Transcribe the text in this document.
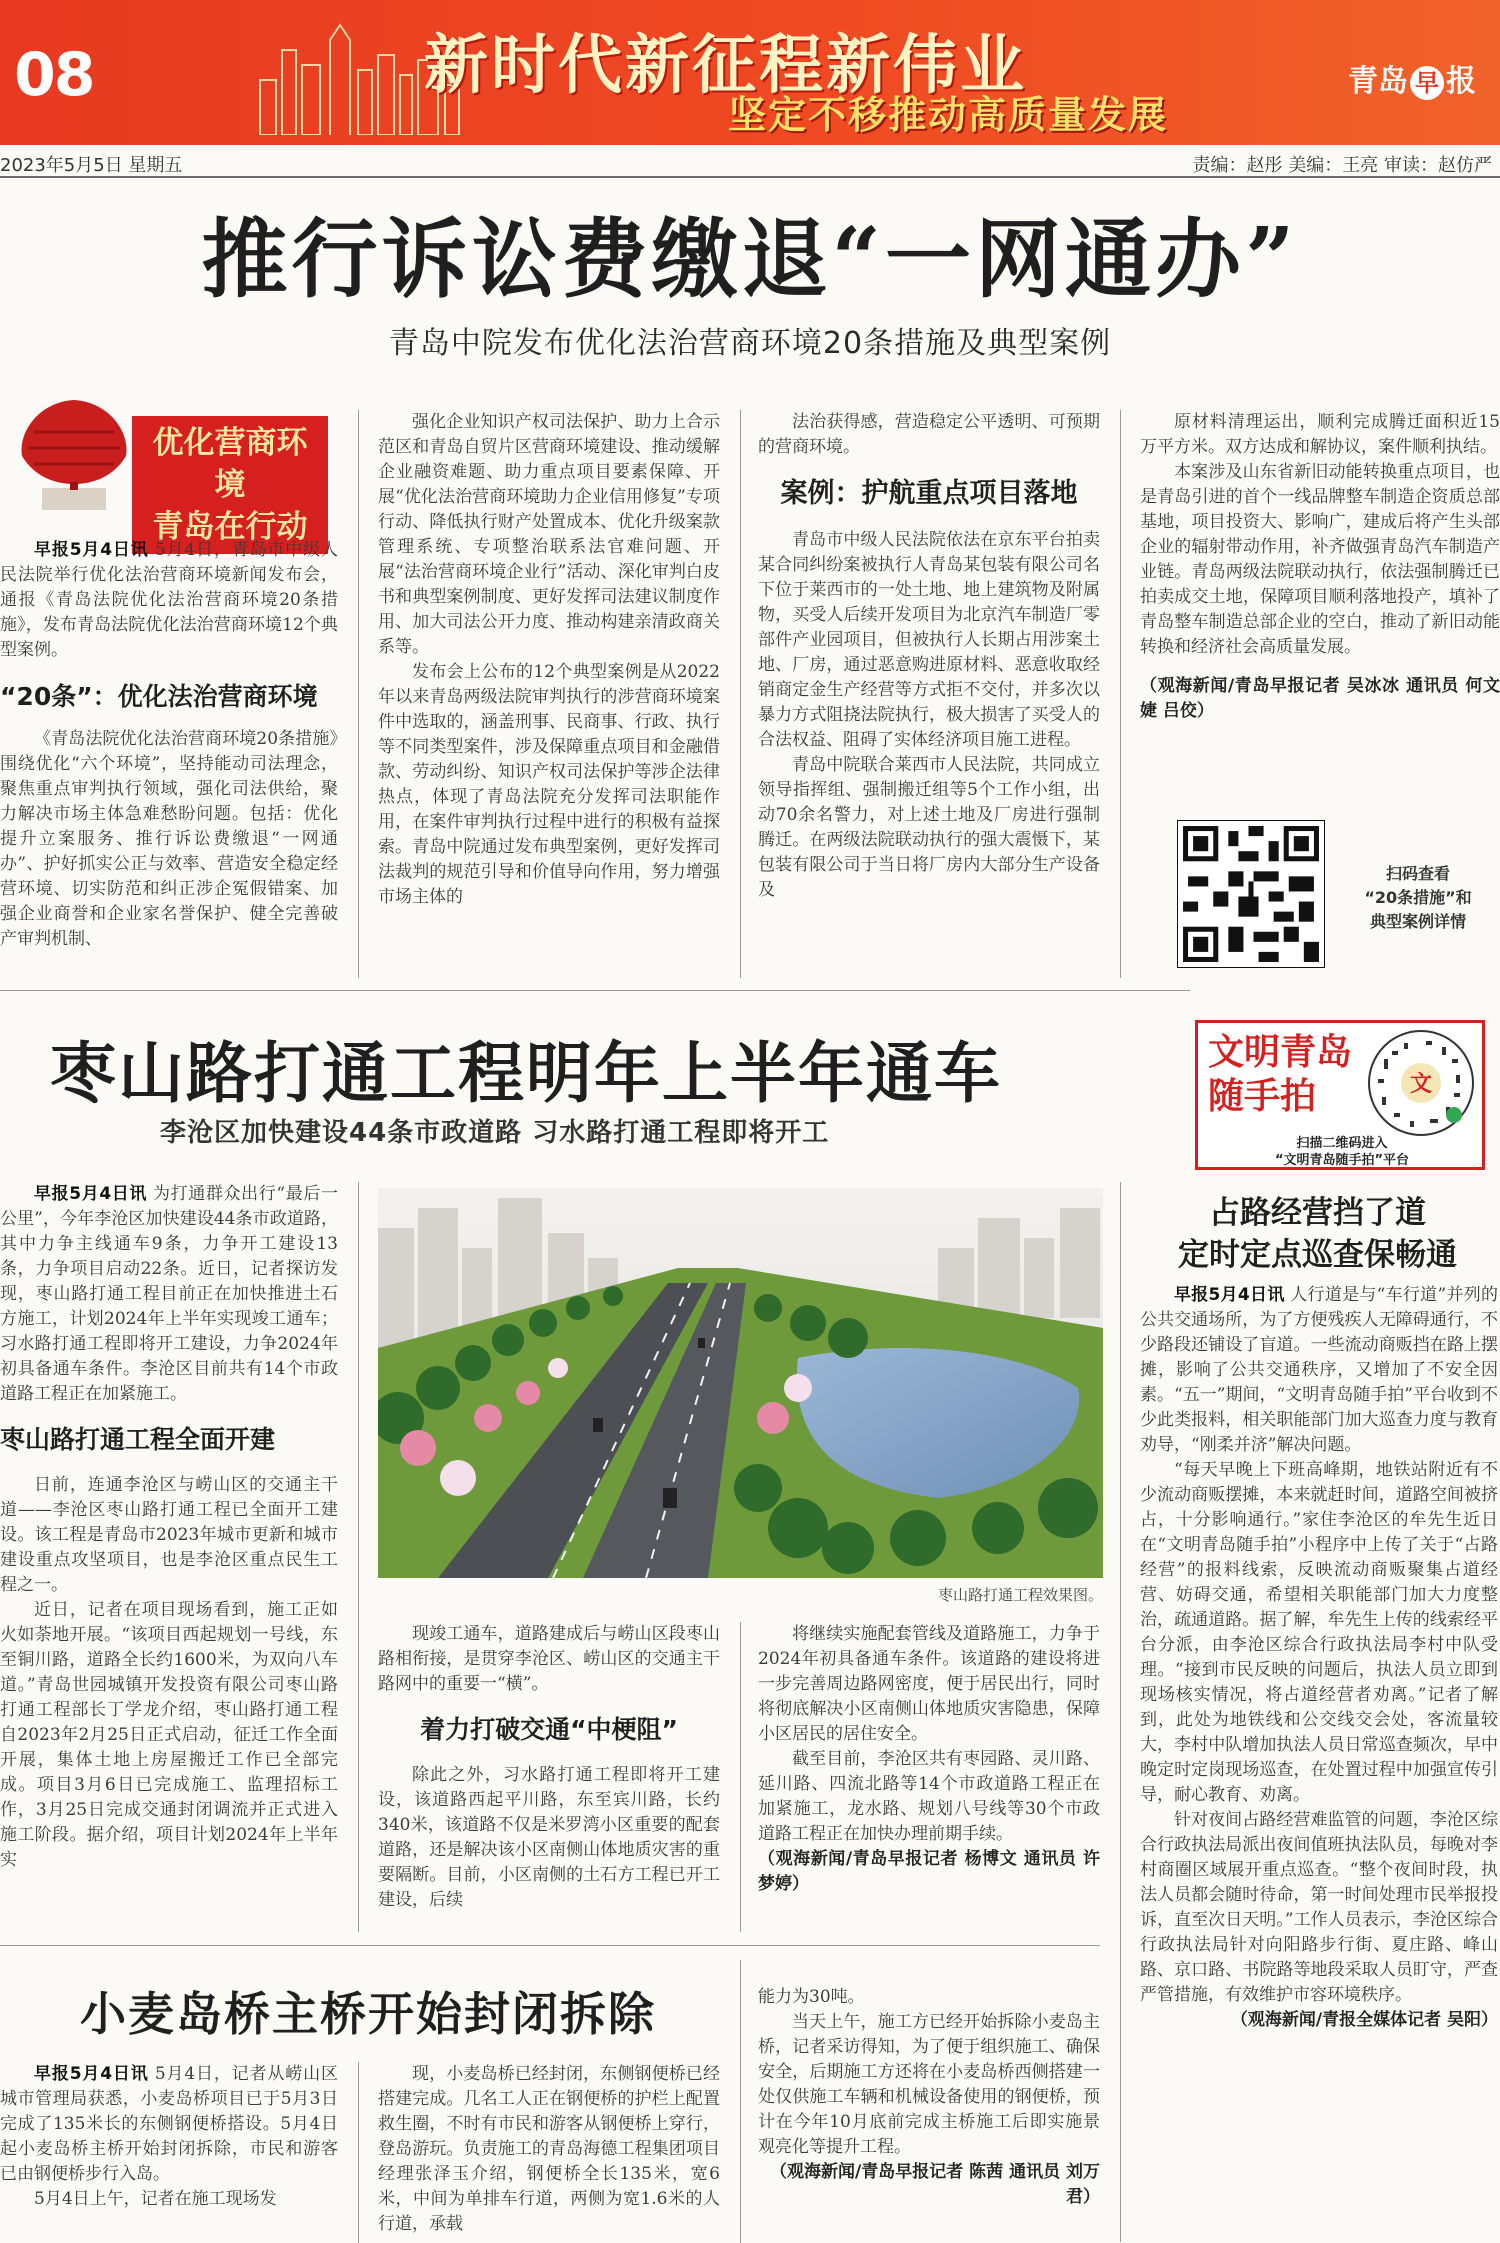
08	新时代新征程新伟业
坚定不移推动高质量发展
青岛 早 报
2023年5月5日 星期五	责编：赵彤 美编：王亮 审读：赵仿严
推行诉讼费缴退“一网通办”
青岛中院发布优化法治营商环境20条措施及典型案例
优化营商环境
青岛在行动

早报5月4日讯 5月4日，青岛市中级人民法院举行优化法治营商环境新闻发布会，通报《青岛法院优化法治营商环境20条措施》，发布青岛法院优化法治营商环境12个典型案例。

“20条”：优化法治营商环境

《青岛法院优化法治营商环境20条措施》围绕优化“六个环境”，坚持能动司法理念，聚焦重点审判执行领域，强化司法供给，聚力解决市场主体急难愁盼问题。包括：优化提升立案服务、推行诉讼费缴退“一网通办”、护好抓实公正与效率、营造安全稳定经营环境、切实防范和纠正涉企冤假错案、加强企业商誉和企业家名誉保护、健全完善破产审判机制、

强化企业知识产权司法保护、助力上合示范区和青岛自贸片区营商环境建设、推动缓解企业融资难题、助力重点项目要素保障、开展“优化法治营商环境助力企业信用修复”专项行动、降低执行财产处置成本、优化升级案款管理系统、专项整治联系法官难问题、开展“法治营商环境企业行”活动、深化审判白皮书和典型案例制度、更好发挥司法建议制度作用、加大司法公开力度、推动构建亲清政商关系等。

发布会上公布的12个典型案例是从2022年以来青岛两级法院审判执行的涉营商环境案件中选取的，涵盖刑事、民商事、行政、执行等不同类型案件，涉及保障重点项目和金融借款、劳动纠纷、知识产权司法保护等涉企法律热点，体现了青岛法院充分发挥司法职能作用，在案件审判执行过程中进行的积极有益探索。青岛中院通过发布典型案例，更好发挥司法裁判的规范引导和价值导向作用，努力增强市场主体的

法治获得感，营造稳定公平透明、可预期的营商环境。

案例：护航重点项目落地

青岛市中级人民法院依法在京东平台拍卖某合同纠纷案被执行人青岛某包装有限公司名下位于莱西市的一处土地、地上建筑物及附属物，买受人后续开发项目为北京汽车制造厂零部件产业园项目，但被执行人长期占用涉案土地、厂房，通过恶意购进原材料、恶意收取经销商定金生产经营等方式拒不交付，并多次以暴力方式阻挠法院执行，极大损害了买受人的合法权益、阻碍了实体经济项目施工进程。

青岛中院联合莱西市人民法院，共同成立领导指挥组、强制搬迁组等5个工作小组，出动70余名警力，对上述土地及厂房进行强制腾迁。在两级法院联动执行的强大震慑下，某包装有限公司于当日将厂房内大部分生产设备及

原材料清理运出，顺利完成腾迁面积近15万平方米。双方达成和解协议，案件顺利执结。

本案涉及山东省新旧动能转换重点项目，也是青岛引进的首个一线品牌整车制造企资质总部基地，项目投资大、影响广，建成后将产生头部企业的辐射带动作用，补齐做强青岛汽车制造产业链。青岛两级法院联动执行，依法强制腾迁已拍卖成交土地，保障项目顺利落地投产，填补了青岛整车制造总部企业的空白，推动了新旧动能转换和经济社会高质量发展。

（观海新闻/青岛早报记者 吴冰冰 通讯员 何文婕 吕佼）

扫码查看
“20条措施”和
典型案例详情
枣山路打通工程明年上半年通车
李沧区加快建设44条市政道路 习水路打通工程即将开工

早报5月4日讯 为打通群众出行“最后一公里”，今年李沧区加快建设44条市政道路，其中力争主线通车9条，力争开工建设13条，力争项目启动22条。近日，记者探访发现，枣山路打通工程目前正在加快推进土石方施工，计划2024年上半年实现竣工通车；习水路打通工程即将开工建设，力争2024年初具备通车条件。李沧区目前共有14个市政道路工程正在加紧施工。

枣山路打通工程全面开建

日前，连通李沧区与崂山区的交通主干道——李沧区枣山路打通工程已全面开工建设。该工程是青岛市2023年城市更新和城市建设重点攻坚项目，也是李沧区重点民生工程之一。

近日，记者在项目现场看到，施工正如火如荼地开展。“该项目西起规划一号线，东至铜川路，道路全长约1600米，为双向八车道。”青岛世园城镇开发投资有限公司枣山路打通工程部长丁学龙介绍，枣山路打通工程自2023年2月25日正式启动，征迁工作全面开展，集体土地上房屋搬迁工作已全部完成。项目3月6日已完成施工、监理招标工作，3月25日完成交通封闭调流并正式进入施工阶段。据介绍，项目计划2024年上半年实

枣山路打通工程效果图。

现竣工通车，道路建成后与崂山区段枣山路相衔接，是贯穿李沧区、崂山区的交通主干路网中的重要一“横”。

着力打破交通“中梗阻”

除此之外，习水路打通工程即将开工建设，该道路西起平川路，东至宾川路，长约340米，该道路不仅是米罗湾小区重要的配套道路，还是解决该小区南侧山体地质灾害的重要隔断。目前，小区南侧的土石方工程已开工建设，后续

将继续实施配套管线及道路施工，力争于2024年初具备通车条件。该道路的建设将进一步完善周边路网密度，便于居民出行，同时将彻底解决小区南侧山体地质灾害隐患，保障小区居民的居住安全。

截至目前，李沧区共有枣园路、灵川路、延川路、四流北路等14个市政道路工程正在加紧施工，龙水路、规划八号线等30个市政道路工程正在加快办理前期手续。

（观海新闻/青岛早报记者 杨博文 通讯员 许梦婷）

文明青岛
随手拍	文
扫描二维码进入
“文明青岛随手拍”平台
占路经营挡了道
定时定点巡查保畅通

早报5月4日讯 人行道是与“车行道”并列的公共交通场所，为了方便残疾人无障碍通行，不少路段还铺设了盲道。一些流动商贩挡在路上摆摊，影响了公共交通秩序，又增加了不安全因素。“五一”期间，“文明青岛随手拍”平台收到不少此类报料，相关职能部门加大巡查力度与教育劝导，“刚柔并济”解决问题。

“每天早晚上下班高峰期，地铁站附近有不少流动商贩摆摊，本来就赶时间，道路空间被挤占，十分影响通行。”家住李沧区的牟先生近日在“文明青岛随手拍”小程序中上传了关于“占路经营”的报料线索，反映流动商贩聚集占道经营、妨碍交通，希望相关职能部门加大力度整治，疏通道路。据了解，牟先生上传的线索经平台分派，由李沧区综合行政执法局李村中队受理。“接到市民反映的问题后，执法人员立即到现场核实情况，将占道经营者劝离。”记者了解到，此处为地铁线和公交线交会处，客流量较大，李村中队增加执法人员日常巡查频次，早中晚定时定岗现场巡查，在处置过程中加强宣传引导，耐心教育、劝离。

针对夜间占路经营难监管的问题，李沧区综合行政执法局派出夜间值班执法队员，每晚对李村商圈区域展开重点巡查。“整个夜间时段，执法人员都会随时待命，第一时间处理市民举报投诉，直至次日天明。”工作人员表示，李沧区综合行政执法局针对向阳路步行街、夏庄路、峰山路、京口路、书院路等地段采取人员盯守，严查严管措施，有效维护市容环境秩序。

（观海新闻/青报全媒体记者 吴阳）

小麦岛桥主桥开始封闭拆除

早报5月4日讯 5月4日，记者从崂山区城市管理局获悉，小麦岛桥项目已于5月3日完成了135米长的东侧钢便桥搭设。5月4日起小麦岛桥主桥开始封闭拆除，市民和游客已由钢便桥步行入岛。

5月4日上午，记者在施工现场发

现，小麦岛桥已经封闭，东侧钢便桥已经搭建完成。几名工人正在钢便桥的护栏上配置救生圈，不时有市民和游客从钢便桥上穿行，登岛游玩。负责施工的青岛海德工程集团项目经理张泽玉介绍，钢便桥全长135米，宽6米，中间为单排车行道，两侧为宽1.6米的人行道，承载

能力为30吨。

当天上午，施工方已经开始拆除小麦岛主桥，记者采访得知，为了便于组织施工、确保安全，后期施工方还将在小麦岛桥西侧搭建一处仅供施工车辆和机械设备使用的钢便桥，预计在今年10月底前完成主桥施工后即实施景观亮化等提升工程。

（观海新闻/青岛早报记者 陈茜 通讯员 刘万君）
